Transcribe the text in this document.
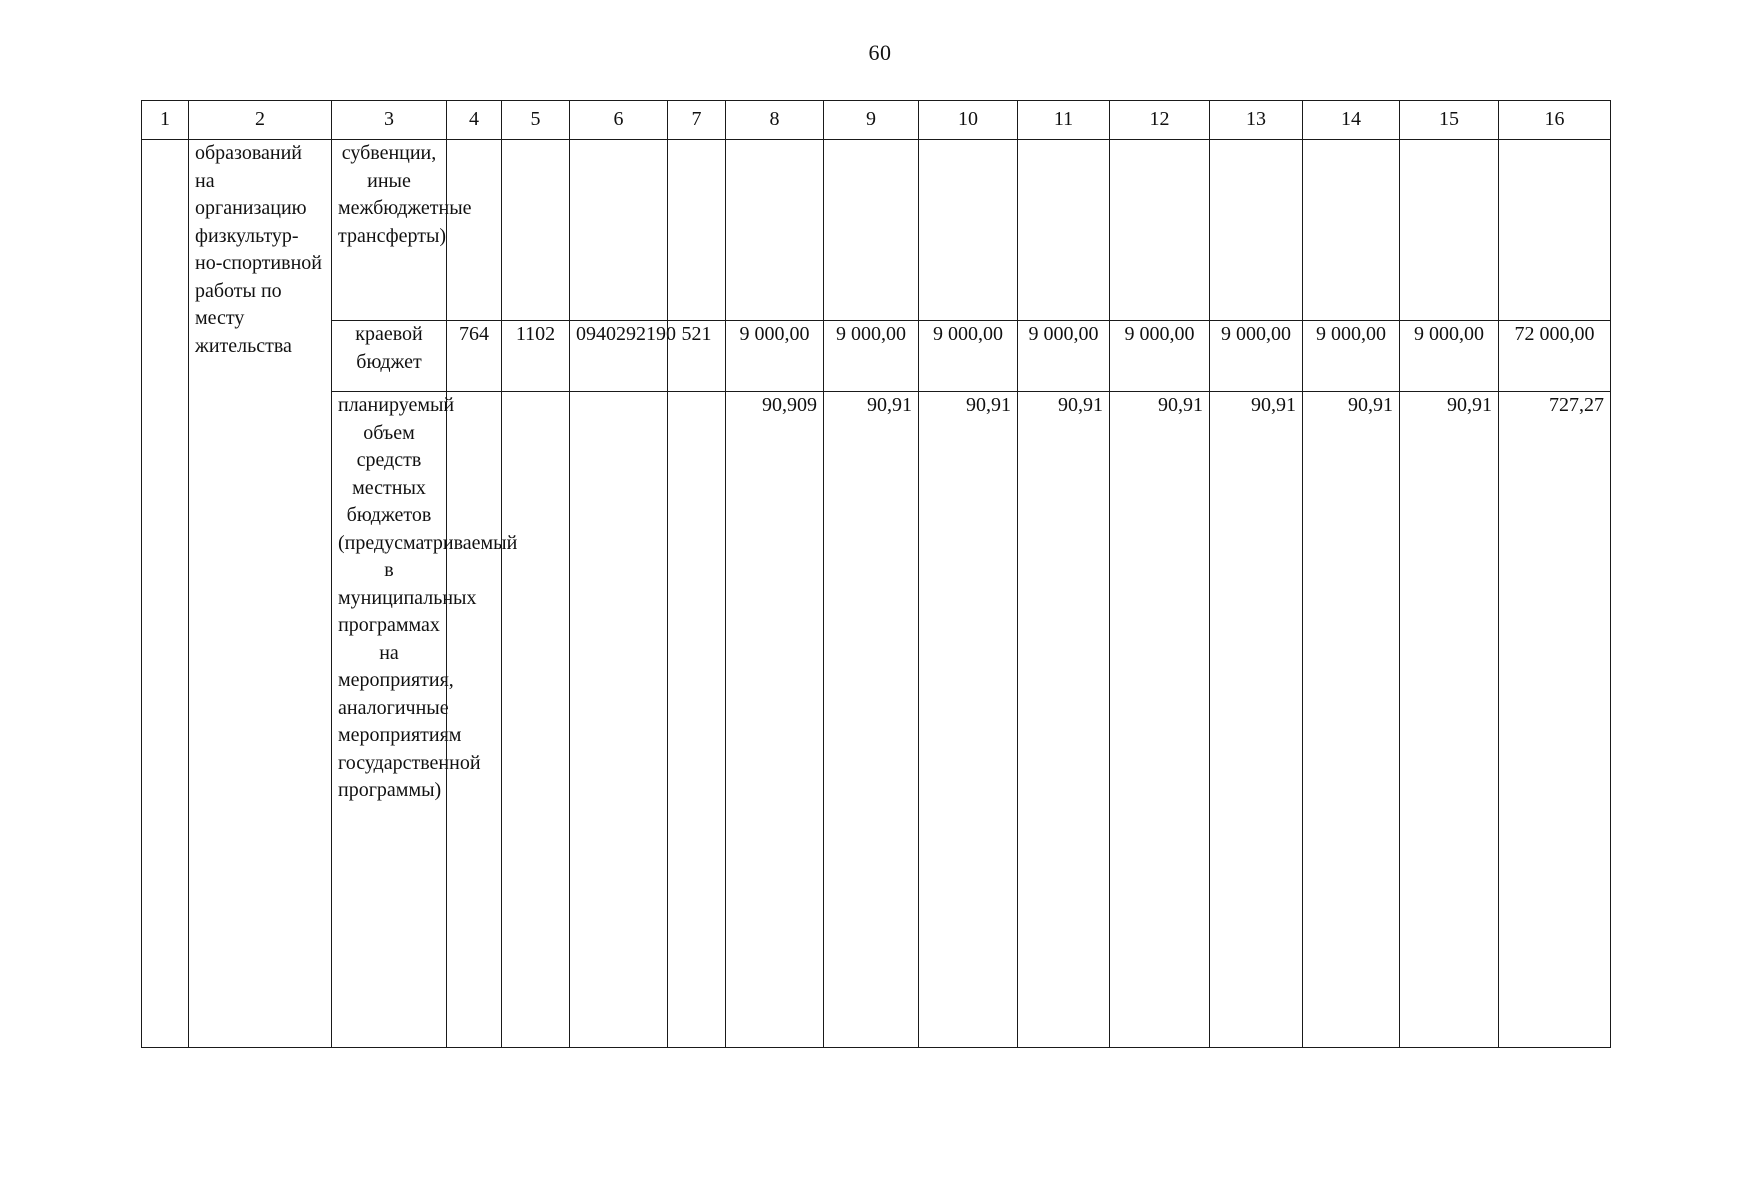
60
1	2	3	4	5	6	7	8	9	10	11	12	13	14	15	16
	образований на организацию физкультур-но-спортивной работы по месту жительства	субвенции, иные межбюджетные трансферты)													
		краевой бюджет	764	1102	0940292190	521	9 000,00	9 000,00	9 000,00	9 000,00	9 000,00	9 000,00	9 000,00	9 000,00	72 000,00
		планируемый объем средств местных бюджетов (предусматриваемый в муниципальных программах на мероприятия, аналогичные мероприятиям государственной программы)					90,909	90,91	90,91	90,91	90,91	90,91	90,91	90,91	727,27
